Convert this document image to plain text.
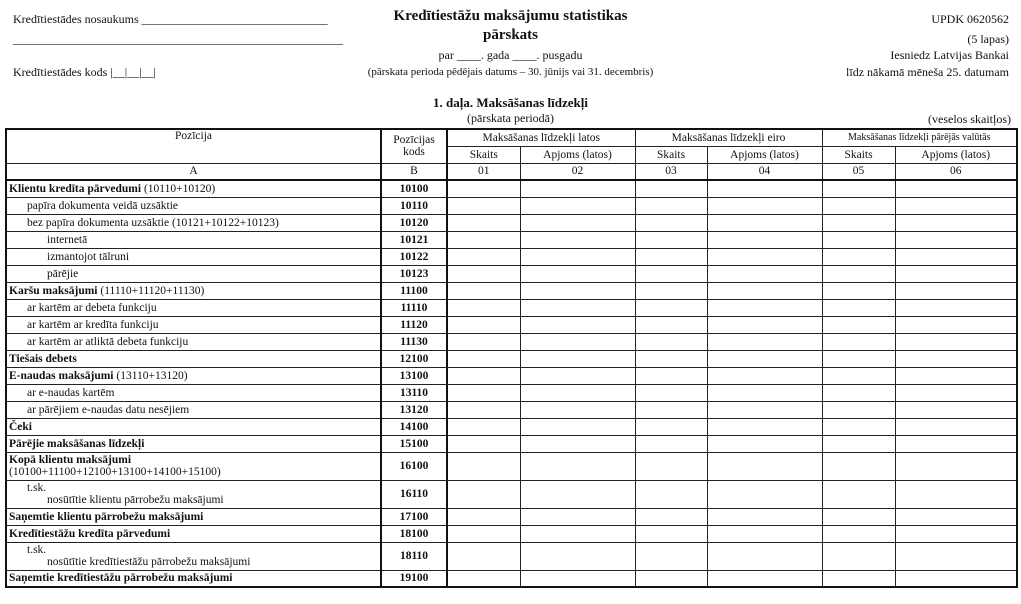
Kredītiestādes nosaukums _______________________________
_______________________________________________________
Kredītiestādes kods |__|__|__|
Kredītiestāžu maksājumu statistikas
pārskats
par ____. gada ____. pusgadu
(pārskata perioda pēdējais datums – 30. jūnijs vai 31. decembris)
UPDK 0620562
(5 lapas)
Iesniedz Latvijas Bankai
līdz nākamā mēneša 25. datumam
1. daļa. Maksāšanas līdzekļi
(pārskata periodā)	(veselos skaitļos)
Pozīcija	Pozīcijas kods	Maksāšanas līdzekļi latos		Maksāšanas līdzekļi eiro		Maksāšanas līdzekļi pārējās valūtās	
		Skaits	Apjoms (latos)	Skaits	Apjoms (latos)	Skaits	Apjoms (latos)
A	B	01	02	03	04	05	06
Klientu kredīta pārvedumi (10110+10120)	10100						
papīra dokumenta veidā uzsāktie	10110						
bez papīra dokumenta uzsāktie (10121+10122+10123)	10120						
internetā	10121						
izmantojot tālruni	10122						
pārējie	10123						
Karšu maksājumi (11110+11120+11130)	11100						
ar kartēm ar debeta funkciju	11110						
ar kartēm ar kredīta funkciju	11120						
ar kartēm ar atliktā debeta funkciju	11130						
Tiešais debets	12100						
E-naudas maksājumi (13110+13120)	13100						
ar e-naudas kartēm	13110						
ar pārējiem e-naudas datu nesējiem	13120						
Čeki	14100						
Pārējie maksāšanas līdzekļi	15100						
Kopā klientu maksājumi
(10100+11100+12100+13100+14100+15100)	16100						
t.sk.
nosūtītie klientu pārrobežu maksājumi	16110						
Saņemtie klientu pārrobežu maksājumi	17100						
Kredītiestāžu kredīta pārvedumi	18100						
t.sk.
nosūtītie kredītiestāžu pārrobežu maksājumi	18110						
Saņemtie kredītiestāžu pārrobežu maksājumi	19100						
